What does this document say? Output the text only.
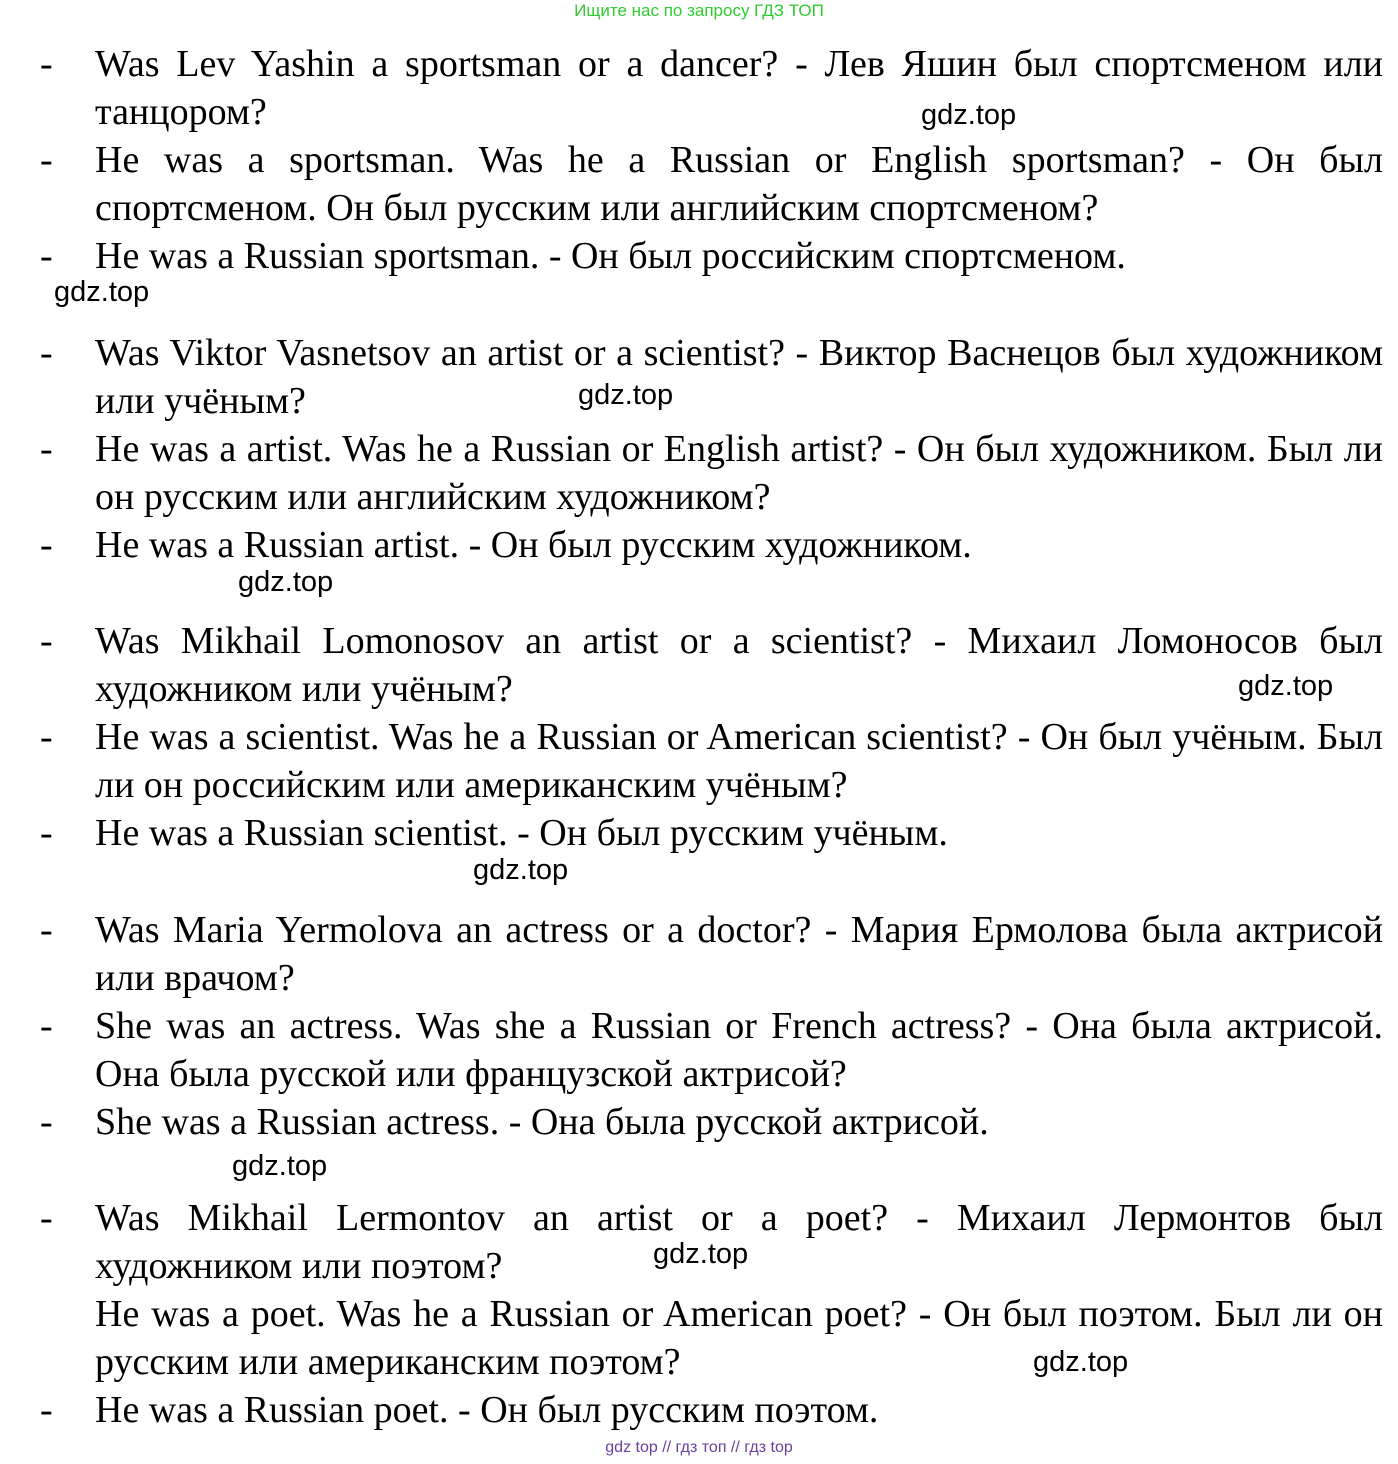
Ищите нас по запросу ГДЗ ТОП
- Was Lev Yashin a sportsman or a dancer? - Лев Яшин был спортсменом или танцором?	gdz.top
- He was a sportsman. Was he a Russian or English sportsman? - Он был спортсменом. Он был русским или английским спортсменом?
- He was a Russian sportsman. - Он был российским спортсменом.
gdz.top
- Was Viktor Vasnetsov an artist or a scientist? - Виктор Васнецов был художником или учёным?	gdz.top
- He was a artist. Was he a Russian or English artist? - Он был художником. Был ли он русским или английским художником?
- He was a Russian artist. - Он был русским художником.
gdz.top
- Was Mikhail Lomonosov an artist or a scientist? - Михаил Ломоносов был художником или учёным?	gdz.top
- He was a scientist. Was he a Russian or American scientist? - Он был учёным. Был ли он российским или американским учёным?
- He was a Russian scientist. - Он был русским учёным.
gdz.top
- Was Maria Yermolova an actress or a doctor? - Мария Ермолова была актрисой или врачом?
- She was an actress. Was she a Russian or French actress? - Она была актрисой. Она была русской или французской актрисой?
- She was a Russian actress. - Она была русской актрисой.
gdz.top
- Was Mikhail Lermontov an artist or a poet? - Михаил Лермонтов был художником или поэтом?	gdz.top
He was a poet. Was he a Russian or American poet? - Он был поэтом. Был ли он русским или американским поэтом?	gdz.top
- He was a Russian poet. - Он был русским поэтом.
gdz top // гдз топ // гдз top
